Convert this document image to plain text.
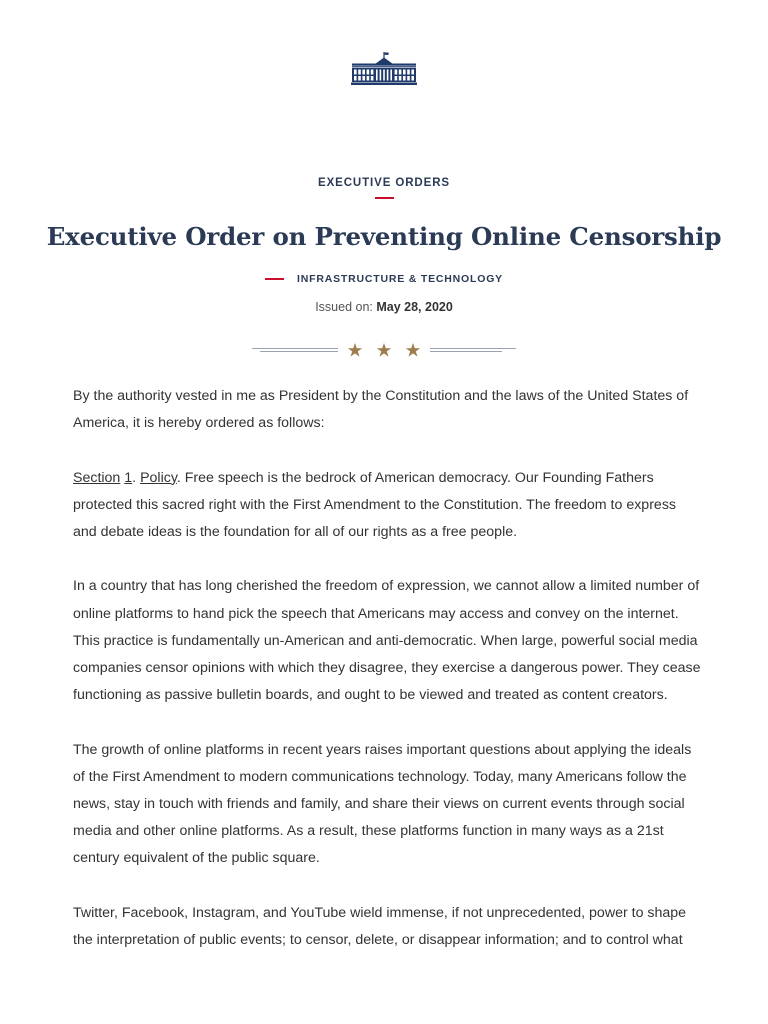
EXECUTIVE ORDERS
Executive Order on Preventing Online Censorship
INFRASTRUCTURE & TECHNOLOGY
Issued on: May 28, 2020

By the authority vested in me as President by the Constitution and the laws of the United States of America, it is hereby ordered as follows:

Section 1. Policy. Free speech is the bedrock of American democracy. Our Founding Fathers protected this sacred right with the First Amendment to the Constitution. The freedom to express and debate ideas is the foundation for all of our rights as a free people.

In a country that has long cherished the freedom of expression, we cannot allow a limited number of online platforms to hand pick the speech that Americans may access and convey on the internet. This practice is fundamentally un-American and anti-democratic. When large, powerful social media companies censor opinions with which they disagree, they exercise a dangerous power. They cease functioning as passive bulletin boards, and ought to be viewed and treated as content creators.

The growth of online platforms in recent years raises important questions about applying the ideals of the First Amendment to modern communications technology. Today, many Americans follow the news, stay in touch with friends and family, and share their views on current events through social media and other online platforms. As a result, these platforms function in many ways as a 21st century equivalent of the public square.

Twitter, Facebook, Instagram, and YouTube wield immense, if not unprecedented, power to shape the interpretation of public events; to censor, delete, or disappear information; and to control what
